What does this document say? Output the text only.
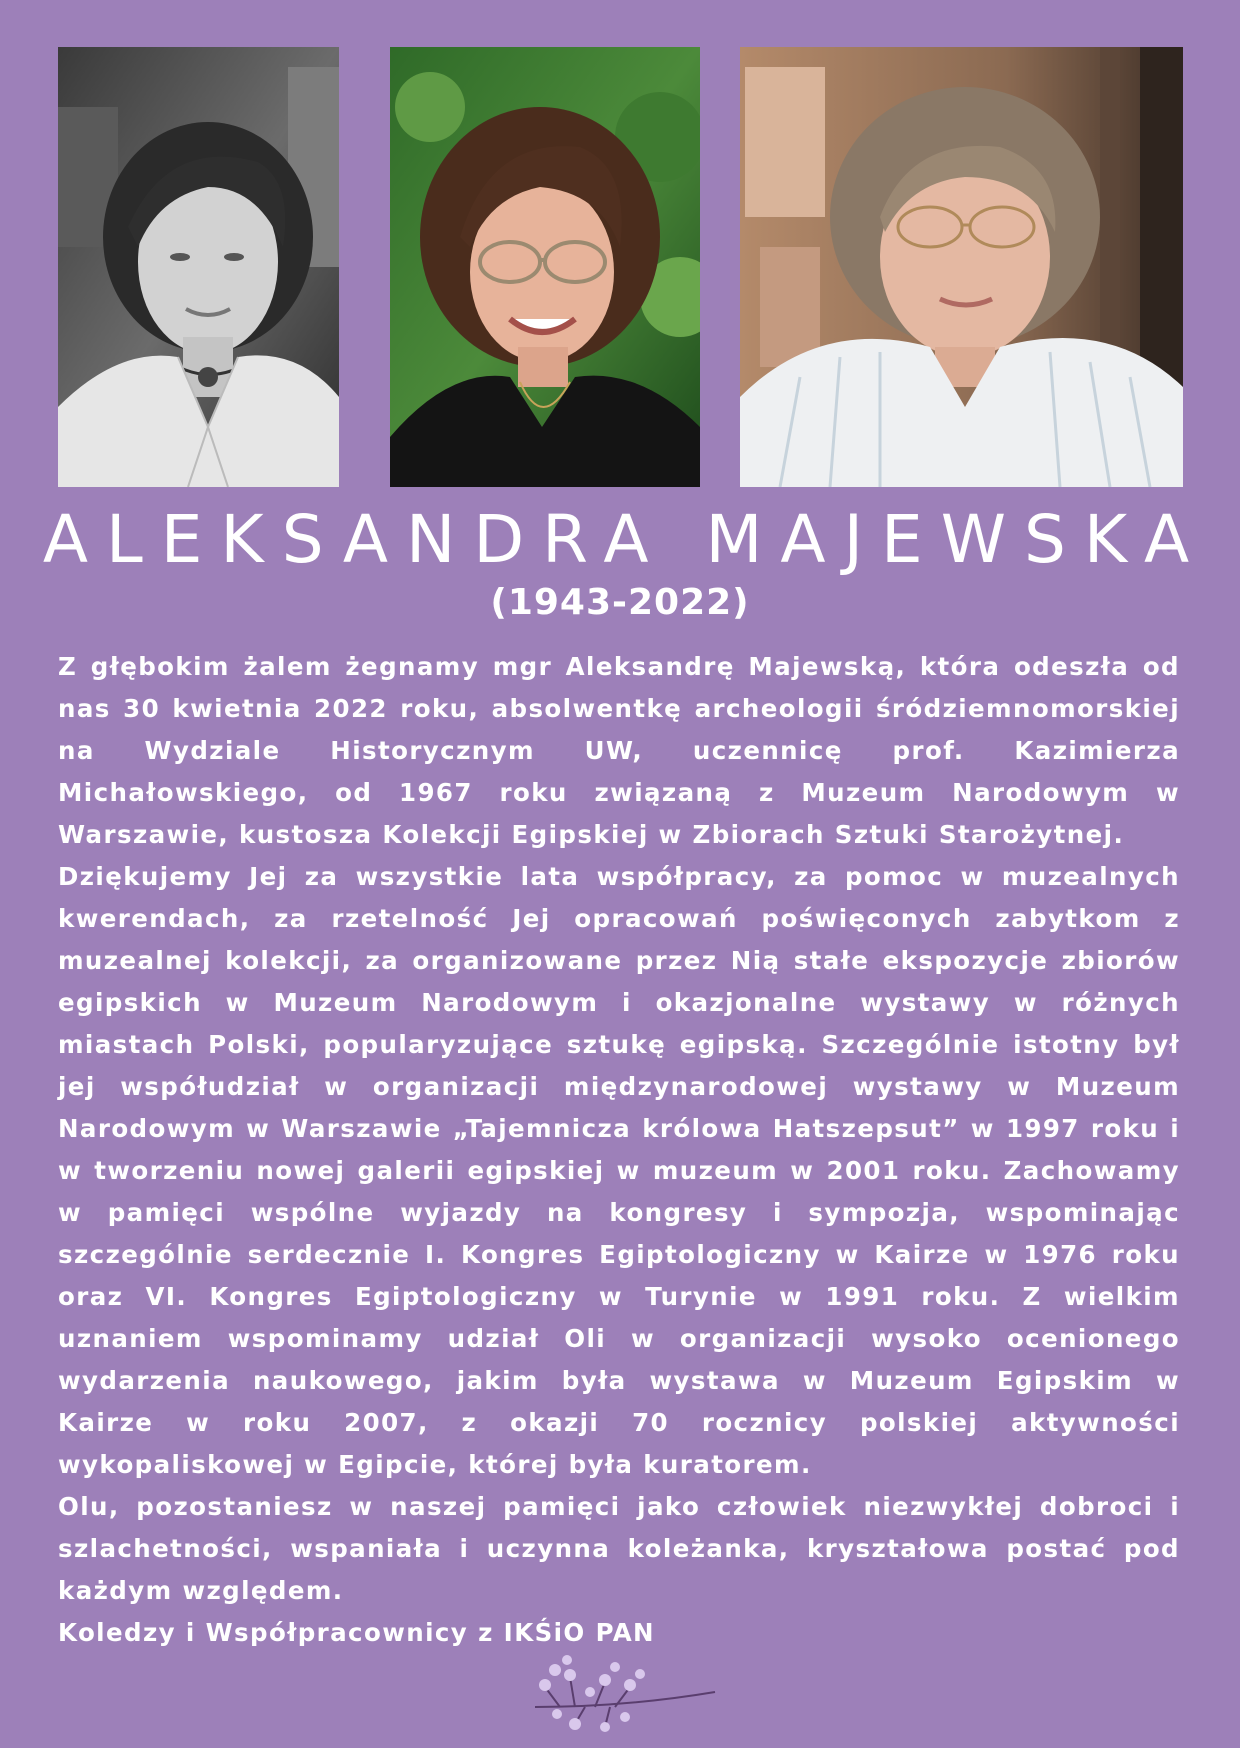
ALEKSANDRA MAJEWSKA
(1943-2022)

Z głębokim żalem żegnamy mgr Aleksandrę Majewską, która odeszła od nas 30 kwietnia 2022 roku, absolwentkę archeologii śródziemnomorskiej na Wydziale Historycznym UW, uczennicę prof. Kazimierza Michałowskiego, od 1967 roku związaną z Muzeum Narodowym w Warszawie, kustosza Kolekcji Egipskiej w Zbiorach Sztuki Starożytnej.

Dziękujemy Jej za wszystkie lata współpracy, za pomoc w muzealnych kwerendach, za rzetelność Jej opracowań poświęconych zabytkom z muzealnej kolekcji, za organizowane przez Nią stałe ekspozycje zbiorów egipskich w Muzeum Narodowym i okazjonalne wystawy w różnych miastach Polski, popularyzujące sztukę egipską. Szczególnie istotny był jej współudział w organizacji międzynarodowej wystawy w Muzeum Narodowym w Warszawie „Tajemnicza królowa Hatszepsut” w 1997 roku i w tworzeniu nowej galerii egipskiej w muzeum w 2001 roku. Zachowamy w pamięci wspólne wyjazdy na kongresy i sympozja, wspominając szczególnie serdecznie I. Kongres Egiptologiczny w Kairze w 1976 roku oraz VI. Kongres Egiptologiczny w Turynie w 1991 roku. Z wielkim uznaniem wspominamy udział Oli w organizacji wysoko ocenionego wydarzenia naukowego, jakim była wystawa w Muzeum Egipskim w Kairze w roku 2007, z okazji 70 rocznicy polskiej aktywności wykopaliskowej w Egipcie, której była kuratorem.

Olu, pozostaniesz w naszej pamięci jako człowiek niezwykłej dobroci i szlachetności, wspaniała i uczynna koleżanka, kryształowa postać pod każdym względem.

Koledzy i Współpracownicy z IKŚiO PAN
